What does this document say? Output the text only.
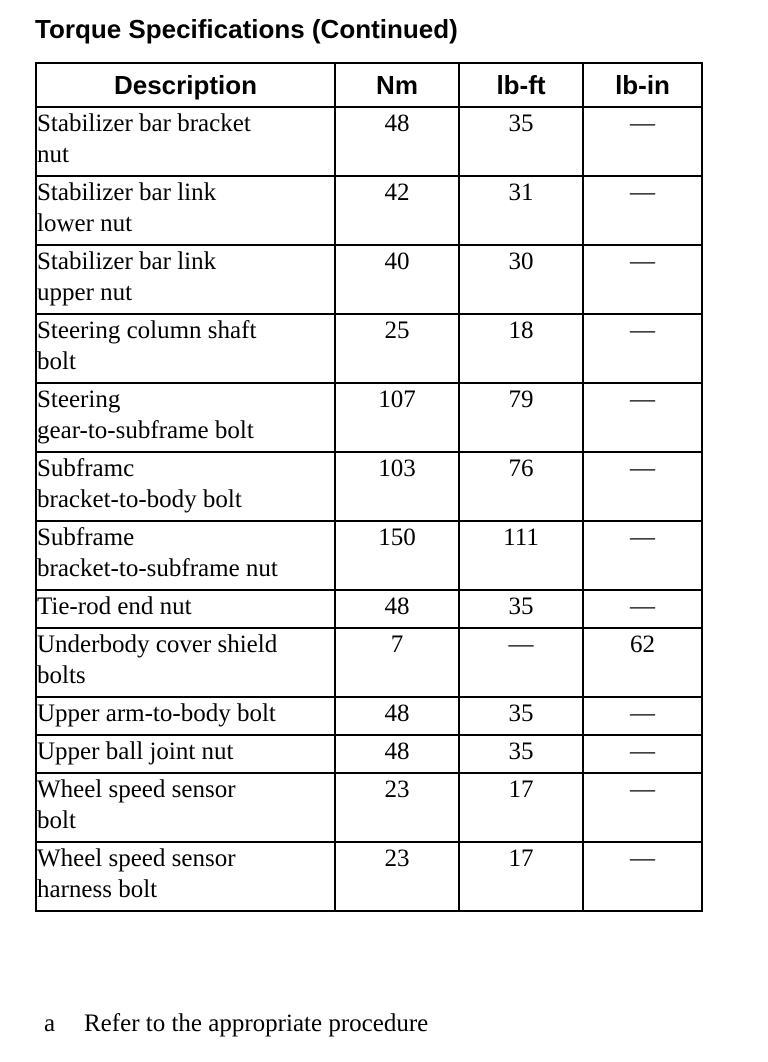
Torque Specifications (Continued)
Description	Nm	lb-ft	lb-in

Stabilizer bar bracket
nut	48	35	—

Stabilizer bar link
lower nut	42	31	—

Stabilizer bar link
upper nut	40	30	—

Steering column shaft
bolt	25	18	—

Steering
gear-to-subframe bolt	107	79	—

Subframc
bracket-to-body bolt	103	76	—

Subframe
bracket-to-subframe nut	150	111	—

Tie-rod end nut	48	35	—

Underbody cover shield
bolts	7	—	62

Upper arm-to-body bolt	48	35	—

Upper ball joint nut	48	35	—

Wheel speed sensor
bolt	23	17	—

Wheel speed sensor
harness bolt	23	17	—
a Refer to the appropriate procedure
